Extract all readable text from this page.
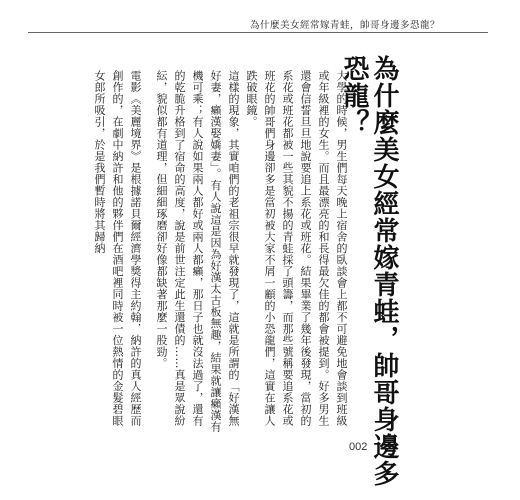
為什麼美女經常嫁青蛙，帥哥身邊多恐龍？
為什麼美女經常嫁青蛙，帥哥身邊多恐龍？

大學的時候，男生們每天晚上宿舍的臥談會上都不可避免地會談到班級或年級裡的女生。而且最漂亮的和長得最欠佳的都會被提到。好多男生還會信誓旦旦地說要追上系花或班花。結果畢業了幾年後發現，當初的系花或班花都被一些其貌不揚的青蛙採了頭籌，而那些號稱要追系花或班花的帥哥們身邊卻多是當初被大家不屑一顧的小恐龍們，這實在讓人跌破眼鏡。

這樣的現象，其實咱們的老祖宗很早就發現了，這就是所謂的「好漢無好妻，癩漢娶嬌妻」。有人說這是因為好漢太古板無趣，結果就讓癩漢有機可乘；有人說如果兩人都好或兩人都癩，那日子也就沒法過了，還有的乾脆升格到了宿命的高度，說是前世注定此生還債的……真是眾說紛紜，貌似都有道理，但細細琢磨卻好像都缺著那麼一股勁。

電影《美麗境界》是根據諾貝爾經濟學獎得主約翰．納許的真人經歷而創作的，在劇中納許和他的夥伴們在酒吧裡同時被一位熱情的金髮碧眼女郎所吸引，於是我們暫時將其歸納

002
